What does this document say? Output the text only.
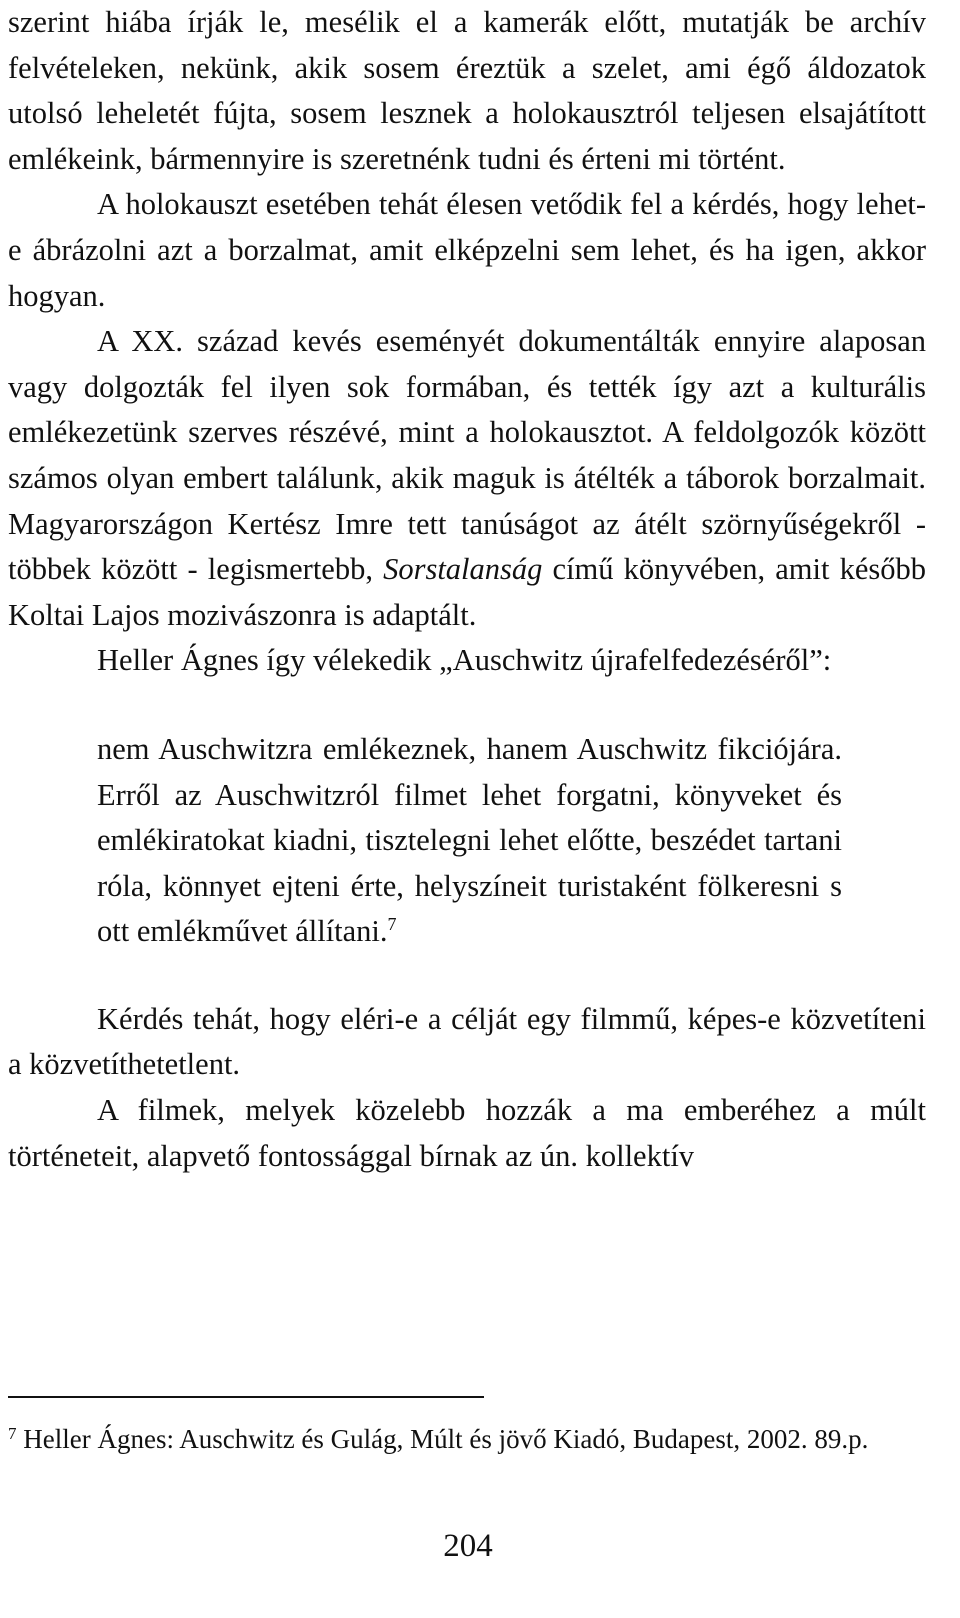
szerint hiába írják le, mesélik el a kamerák előtt, mutatják be archív felvételeken, nekünk, akik sosem éreztük a szelet, ami égő áldozatok utolsó leheletét fújta, sosem lesznek a holokausztról teljesen elsajátított emlékeink, bármennyire is szeretnénk tudni és érteni mi történt.

A holokauszt esetében tehát élesen vetődik fel a kérdés, hogy lehet-e ábrázolni azt a borzalmat, amit elképzelni sem lehet, és ha igen, akkor hogyan.

A XX. század kevés eseményét dokumentálták ennyire alaposan vagy dolgozták fel ilyen sok formában, és tették így azt a kulturális emlékezetünk szerves részévé, mint a holokausztot. A feldolgozók között számos olyan embert találunk, akik maguk is átélték a táborok borzalmait. Magyarországon Kertész Imre tett tanúságot az átélt szörnyűségekről - többek között - legismertebb, Sorstalanság című könyvében, amit később Koltai Lajos mozivászonra is adaptált.

Heller Ágnes így vélekedik „Auschwitz újrafelfedezéséről”:

nem Auschwitzra emlékeznek, hanem Auschwitz fikciójára. Erről az Auschwitzról filmet lehet forgatni, könyveket és emlékiratokat kiadni, tisztelegni lehet előtte, beszédet tartani róla, könnyet ejteni érte, helyszíneit turistaként fölkeresni s ott emlékművet állítani.$^7$

Kérdés tehát, hogy eléri-e a célját egy filmmű, képes-e közvetíteni a közvetíthetetlent.

A filmek, melyek közelebb hozzák a ma emberéhez a múlt történeteit, alapvető fontossággal bírnak az ún. kollektív

$^7$ Heller Ágnes: Auschwitz és Gulág, Múlt és jövő Kiadó, Budapest, 2002. 89.p.
204
